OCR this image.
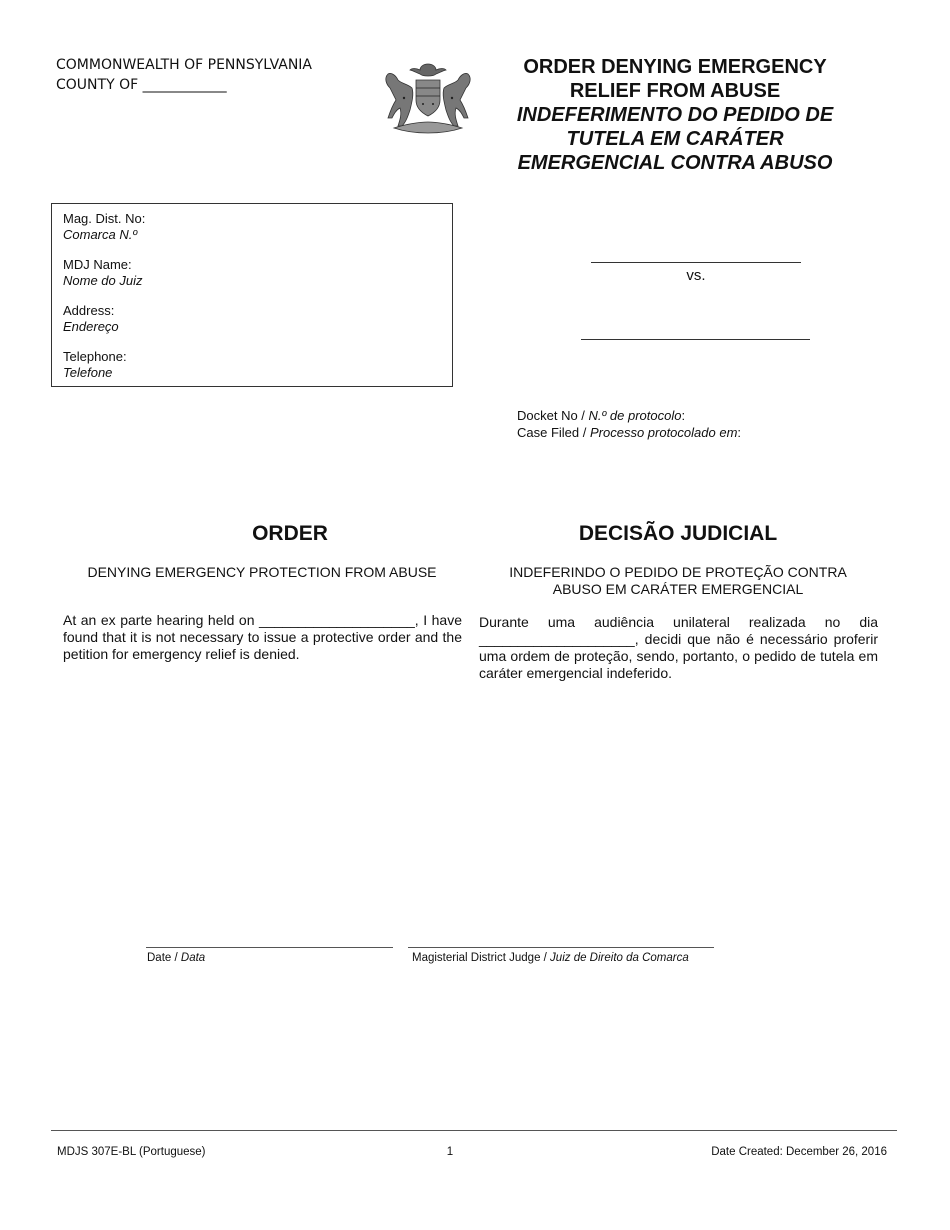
COMMONWEALTH OF PENNSYLVANIA
COUNTY OF ____________
ORDER DENYING EMERGENCY
RELIEF FROM ABUSE
INDEFERIMENTO DO PEDIDO DE
TUTELA EM CARÁTER
EMERGENCIAL CONTRA ABUSO
Mag. Dist. No:
Comarca N.º
MDJ Name:
Nome do Juiz
Address:
Endereço
Telephone:
Telefone
vs.
Docket No / N.º de protocolo:
Case Filed / Processo protocolado em:
ORDER	DECISÃO JUDICIAL
DENYING EMERGENCY PROTECTION FROM ABUSE	INDEFERINDO O PEDIDO DE PROTEÇÃO CONTRA
ABUSO EM CARÁTER EMERGENCIAL
At an ex parte hearing held on ____________________, I have found that it is not necessary to issue a protective order and the petition for emergency relief is denied.
Durante uma audiência unilateral realizada no dia ____________________, decidi que não é necessário proferir uma ordem de proteção, sendo, portanto, o pedido de tutela em caráter emergencial indeferido.
Date / Data	Magisterial District Judge / Juiz de Direito da Comarca
MDJS 307E-BL (Portuguese)	1	Date Created: December 26, 2016
